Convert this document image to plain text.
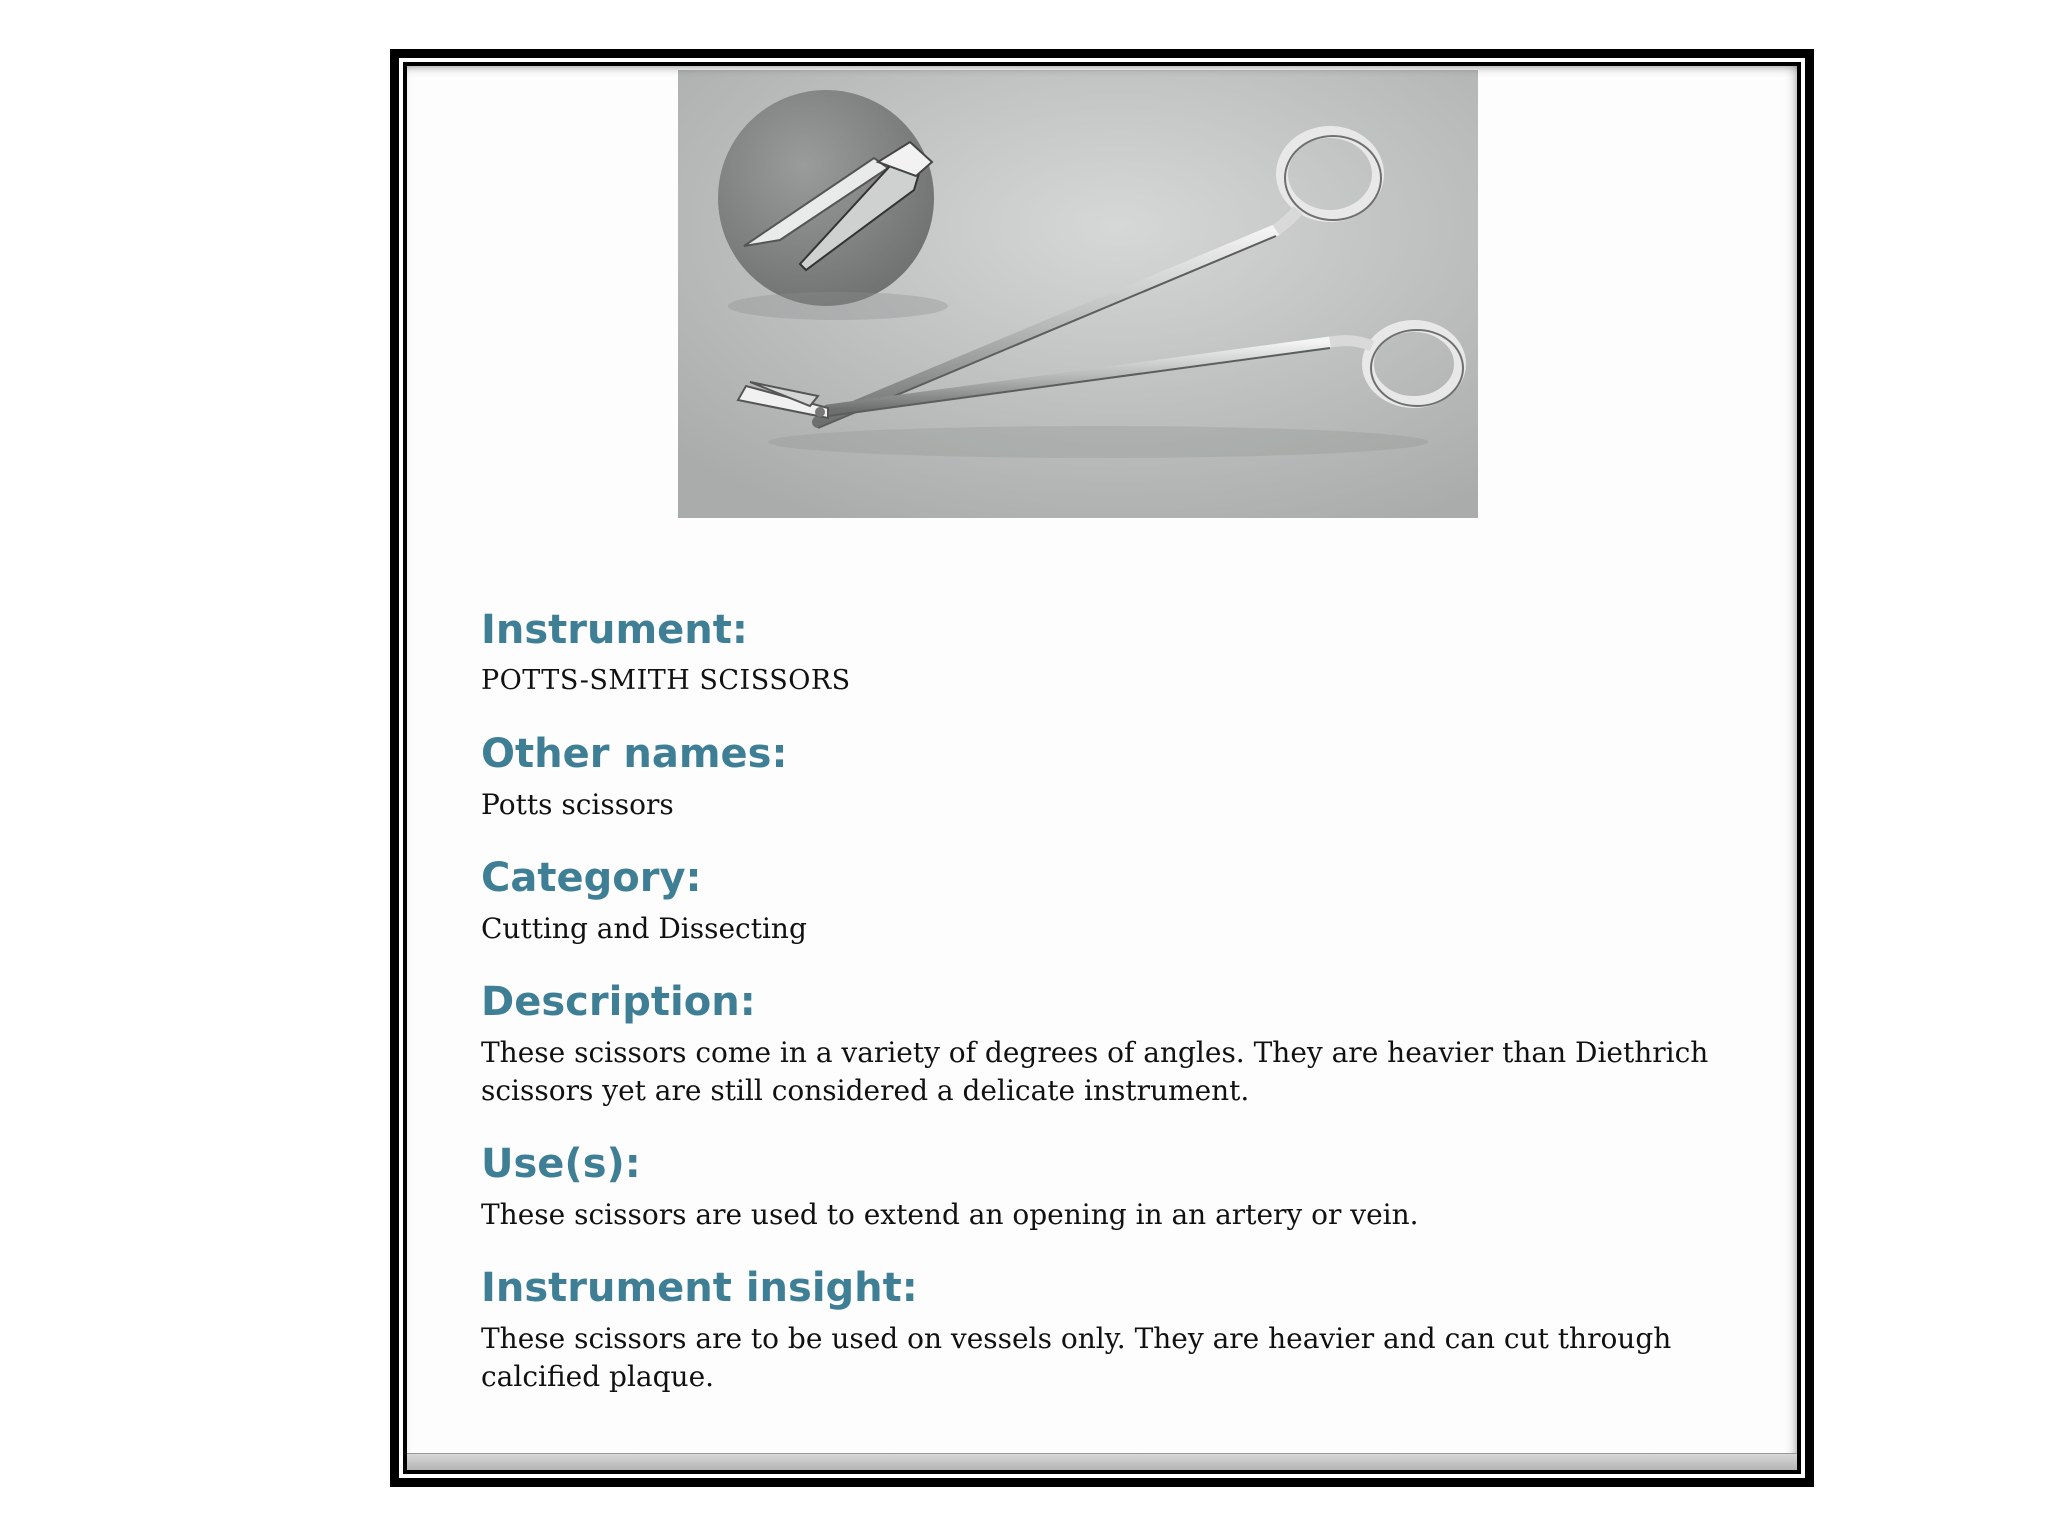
Instrument:

POTTS-SMITH SCISSORS

Other names:

Potts scissors

Category:

Cutting and Dissecting

Description:

These scissors come in a variety of degrees of angles. They are heavier than Diethrich scissors yet are still considered a delicate instrument.

Use(s):

These scissors are used to extend an opening in an artery or vein.

Instrument insight:

These scissors are to be used on vessels only. They are heavier and can cut through calcified plaque.
